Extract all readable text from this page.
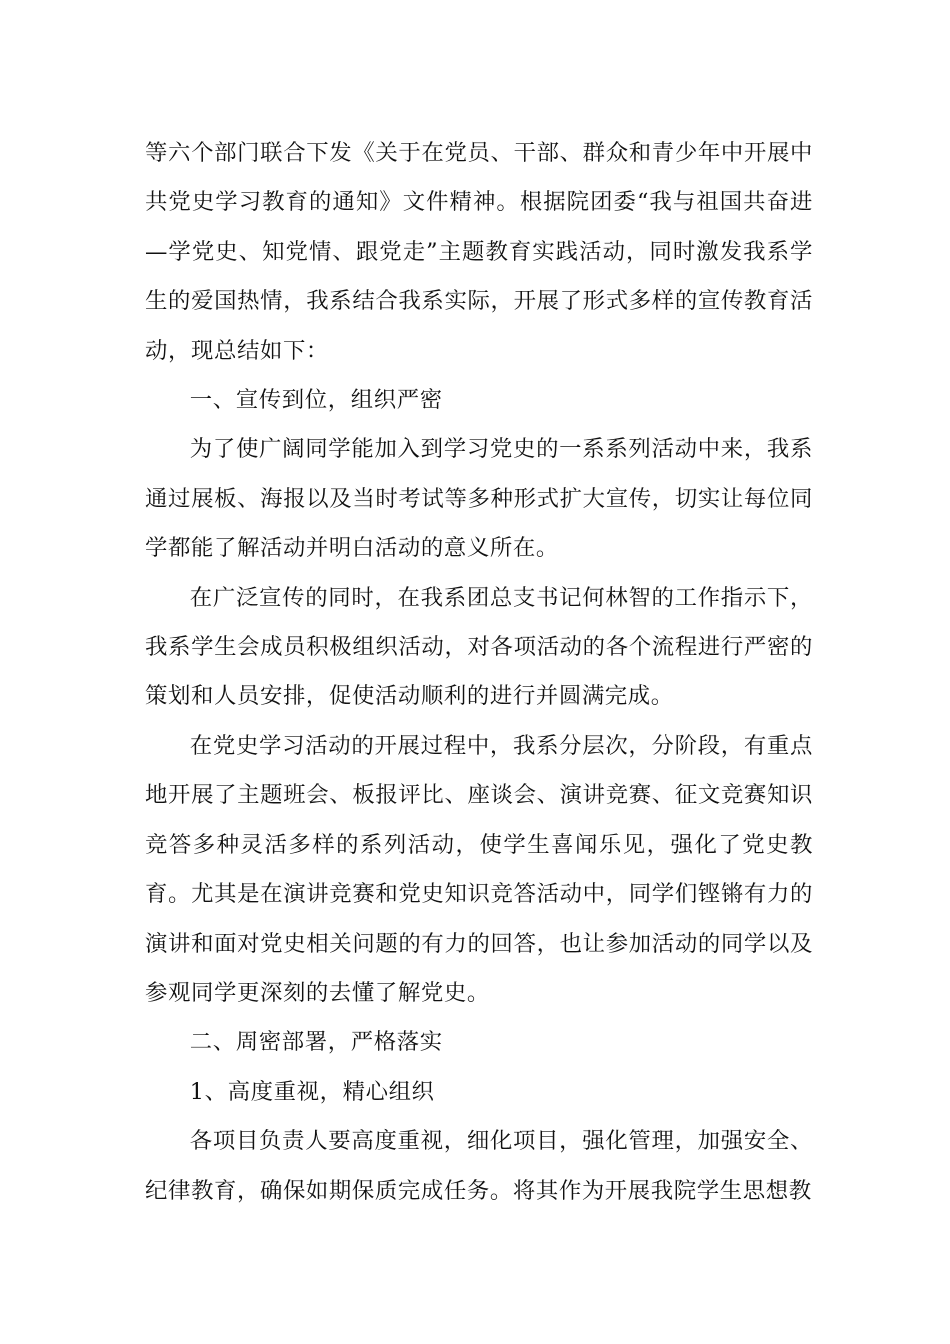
等六个部门联合下发《关于在党员、干部、群众和青少年中开展中共党史学习教育的通知》文件精神。根据院团委“我与祖国共奋进—学党史、知党情、跟党走”主题教育实践活动，同时激发我系学生的爱国热情，我系结合我系实际，开展了形式多样的宣传教育活动，现总结如下：

一、宣传到位，组织严密

为了使广阔同学能加入到学习党史的一系系列活动中来，我系通过展板、海报以及当时考试等多种形式扩大宣传，切实让每位同学都能了解活动并明白活动的意义所在。

在广泛宣传的同时，在我系团总支书记何林智的工作指示下，我系学生会成员积极组织活动，对各项活动的各个流程进行严密的策划和人员安排，促使活动顺利的进行并圆满完成。

在党史学习活动的开展过程中，我系分层次，分阶段，有重点地开展了主题班会、板报评比、座谈会、演讲竞赛、征文竞赛知识竞答多种灵活多样的系列活动，使学生喜闻乐见，强化了党史教育。尤其是在演讲竞赛和党史知识竞答活动中，同学们铿锵有力的演讲和面对党史相关问题的有力的回答，也让参加活动的同学以及参观同学更深刻的去懂了解党史。

二、周密部署，严格落实

1、高度重视，精心组织

各项目负责人要高度重视，细化项目，强化管理，加强安全、纪律教育，确保如期保质完成任务。将其作为开展我院学生思想教
